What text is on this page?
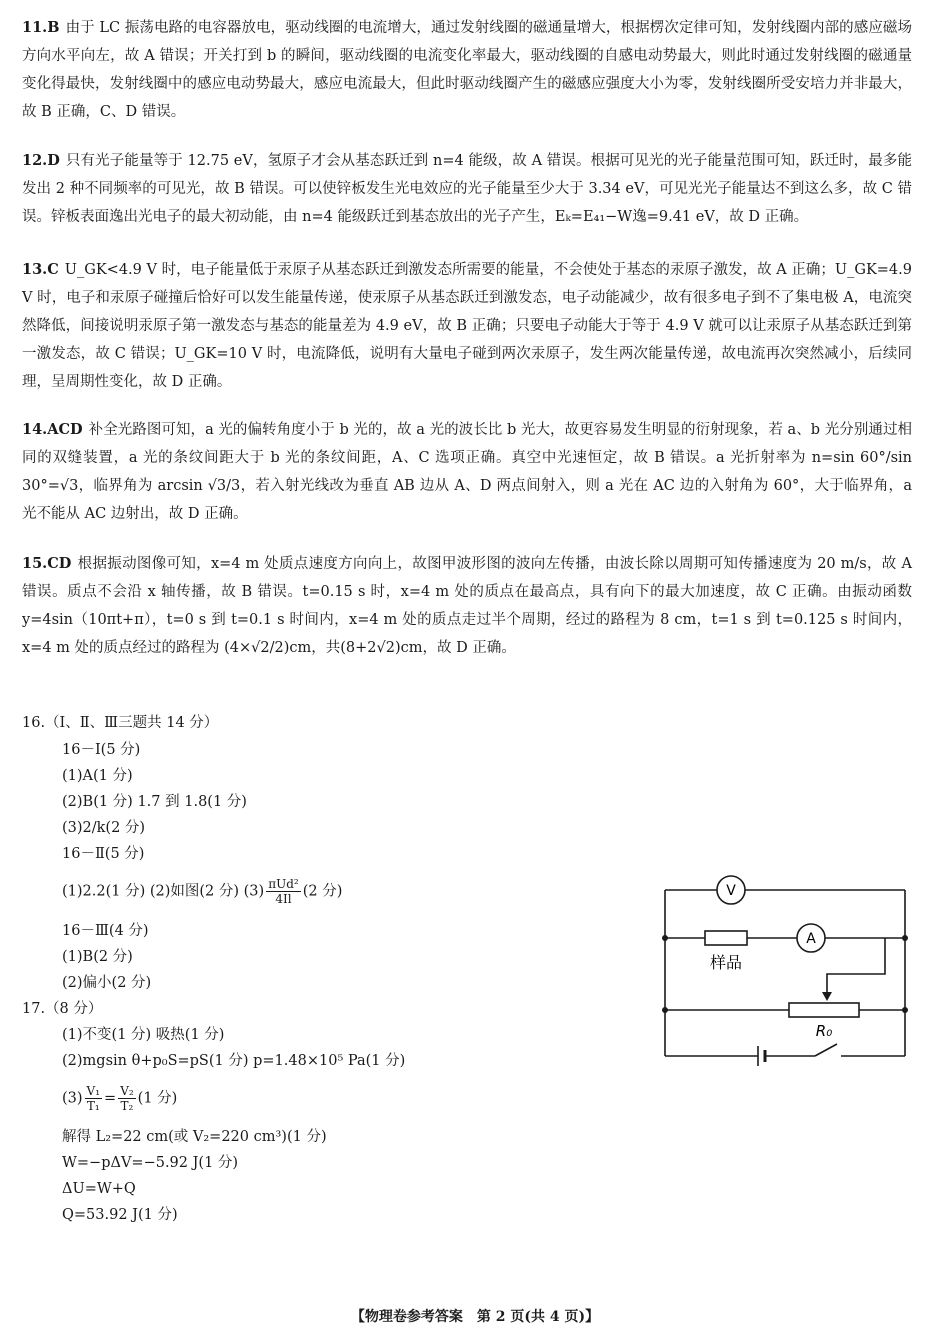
11.B 由于 LC 振荡电路的电容器放电，驱动线圈的电流增大，通过发射线圈的磁通量增大，根据楞次定律可知，发射线圈内部的感应磁场方向水平向左，故 A 错误；开关打到 b 的瞬间，驱动线圈的电流变化率最大，驱动线圈的自感电动势最大，则此时通过发射线圈的磁通量变化得最快，发射线圈中的感应电动势最大，感应电流最大，但此时驱动线圈产生的磁感应强度大小为零，发射线圈所受安培力并非最大，故 B 正确，C、D 错误。
12.D 只有光子能量等于 12.75 eV，氢原子才会从基态跃迁到 n=4 能级，故 A 错误。根据可见光的光子能量范围可知，跃迁时，最多能发出 2 种不同频率的可见光，故 B 错误。可以使锌板发生光电效应的光子能量至少大于 3.34 eV，可见光光子能量达不到这么多，故 C 错误。锌板表面逸出光电子的最大初动能，由 n=4 能级跃迁到基态放出的光子产生，Eₖ=E₄₁−W逸=9.41 eV，故 D 正确。
13.C U_GK<4.9 V 时，电子能量低于汞原子从基态跃迁到激发态所需要的能量，不会使处于基态的汞原子激发，故 A 正确；U_GK=4.9 V 时，电子和汞原子碰撞后恰好可以发生能量传递，使汞原子从基态跃迁到激发态，电子动能减少，故有很多电子到不了集电极 A，电流突然降低，间接说明汞原子第一激发态与基态的能量差为 4.9 eV，故 B 正确；只要电子动能大于等于 4.9 V 就可以让汞原子从基态跃迁到第一激发态，故 C 错误；U_GK=10 V 时，电流降低，说明有大量电子碰到两次汞原子，发生两次能量传递，故电流再次突然减小，后续同理，呈周期性变化，故 D 正确。
14.ACD 补全光路图可知，a 光的偏转角度小于 b 光的，故 a 光的波长比 b 光大，故更容易发生明显的衍射现象，若 a、b 光分别通过相同的双缝装置，a 光的条纹间距大于 b 光的条纹间距，A、C 选项正确。真空中光速恒定，故 B 错误。a 光折射率为 n=sin 60°/sin 30°=√3，临界角为 arcsin √3/3，若入射光线改为垂直 AB 边从 A、D 两点间射入，则 a 光在 AC 边的入射角为 60°，大于临界角，a 光不能从 AC 边射出，故 D 正确。
15.CD 根据振动图像可知，x=4 m 处质点速度方向向上，故图甲波形图的波向左传播，由波长除以周期可知传播速度为 20 m/s，故 A 错误。质点不会沿 x 轴传播，故 B 错误。t=0.15 s 时，x=4 m 处的质点在最高点，具有向下的最大加速度，故 C 正确。由振动函数 y=4sin（10πt+π），t=0 s 到 t=0.1 s 时间内，x=4 m 处的质点走过半个周期，经过的路程为 8 cm，t=1 s 到 t=0.125 s 时间内，x=4 m 处的质点经过的路程为 (4×√2/2)cm，共(8+2√2)cm，故 D 正确。
16.（Ⅰ、Ⅱ、Ⅲ三题共 14 分）
16－Ⅰ(5 分)
(1)A(1 分)
(2)B(1 分) 1.7 到 1.8(1 分)
(3)2/k(2 分)
16－Ⅱ(5 分)
(1)2.2(1 分) (2)如图(2 分) $(3) \frac{\text{πUd²}}{4Il} (2$ 分)
16－Ⅲ(4 分)
(1)B(2 分)
(2)偏小(2 分)
17.（8 分）
(1)不变(1 分) 吸热(1 分)
(2)mgsin θ+p₀S=pS(1 分) p=1.48×10⁵ Pa(1 分)
$(3) \frac{\text{V₁}}{\text{T₁}} = \frac{\text{V₂}}{\text{T₂}} (1$ 分)
解得 L₂=22 cm(或 V₂=220 cm³)(1 分)
W=−pΔV=−5.92 J(1 分)
ΔU=W+Q
Q=53.92 J(1 分)
V
A
样品
R₀
【物理卷参考答案　第 2 页(共 4 页)】
